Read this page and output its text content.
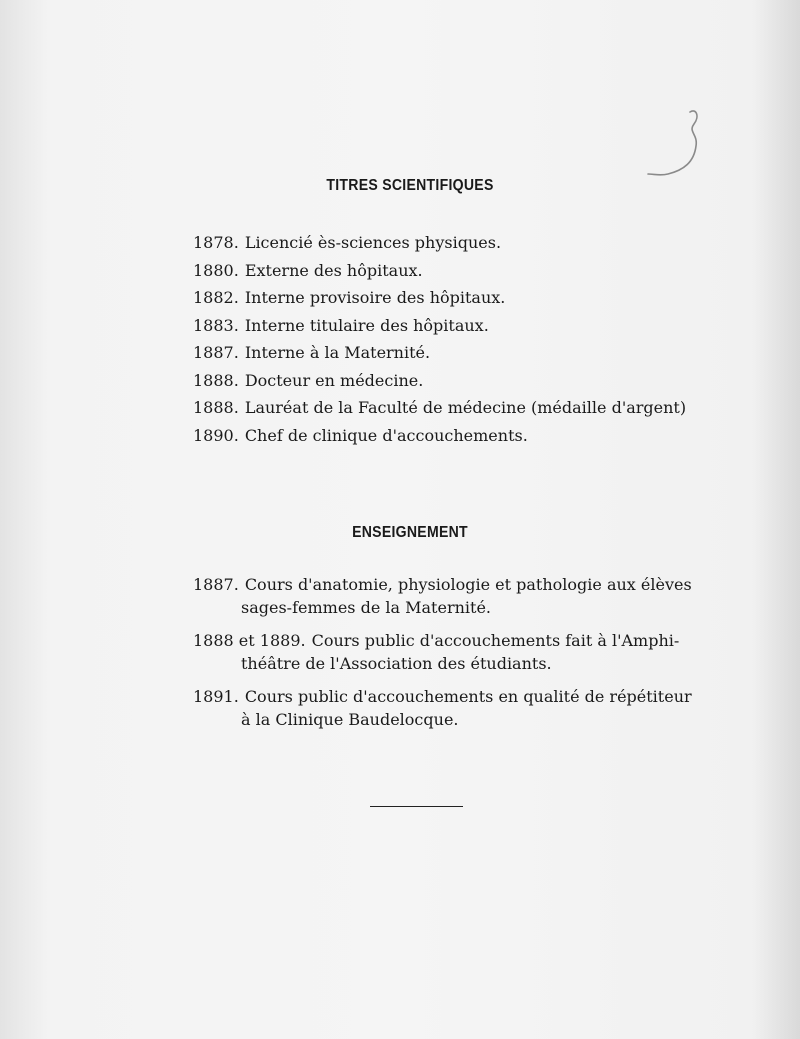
TITRES SCIENTIFIQUES
1878. Licencié ès-sciences physiques.
1880. Externe des hôpitaux.
1882. Interne provisoire des hôpitaux.
1883. Interne titulaire des hôpitaux.
1887. Interne à la Maternité.
1888. Docteur en médecine.
1888. Lauréat de la Faculté de médecine (médaille d'argent)
1890. Chef de clinique d'accouchements.
ENSEIGNEMENT
1887. Cours d'anatomie, physiologie et pathologie aux élèves
sages-femmes de la Maternité.
1888 et 1889. Cours public d'accouchements fait à l'Amphi-
théâtre de l'Association des étudiants.
1891. Cours public d'accouchements en qualité de répétiteur
à la Clinique Baudelocque.
